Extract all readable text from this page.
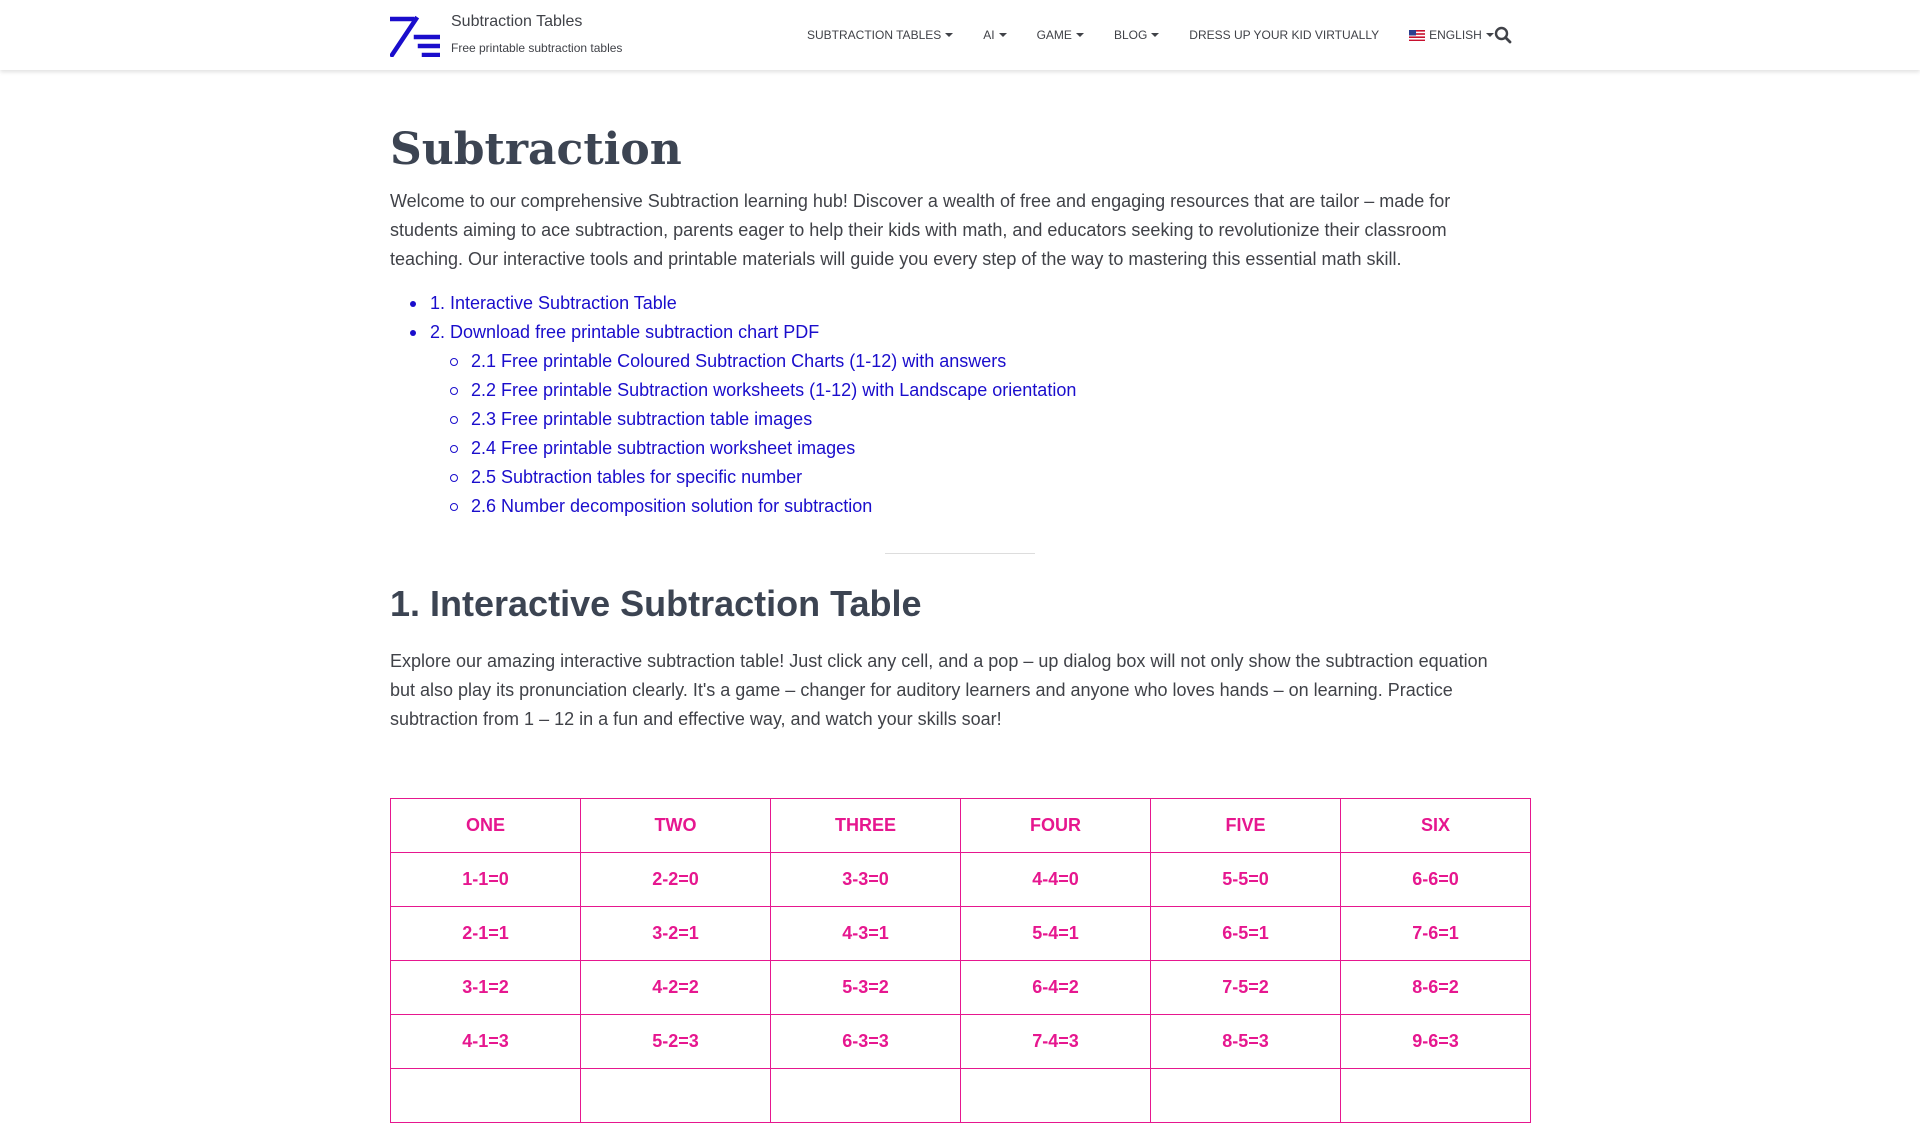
Subtraction Tables
Free printable subtraction tables
SUBTRACTION TABLES	AI	GAME	BLOG	DRESS UP YOUR KID VIRTUALLY	ENGLISH
Subtraction

Welcome to our comprehensive Subtraction learning hub! Discover a wealth of free and engaging resources that are tailor – made for students aiming to ace subtraction, parents eager to help their kids with math, and educators seeking to revolutionize their classroom teaching. Our interactive tools and printable materials will guide you every step of the way to mastering this essential math skill.

1. Interactive Subtraction Table
2. Download free printable subtraction chart PDF
2.1 Free printable Coloured Subtraction Charts (1-12) with answers
2.2 Free printable Subtraction worksheets (1-12) with Landscape orientation
2.3 Free printable subtraction table images
2.4 Free printable subtraction worksheet images
2.5 Subtraction tables for specific number
2.6 Number decomposition solution for subtraction
1. Interactive Subtraction Table

Explore our amazing interactive subtraction table! Just click any cell, and a pop – up dialog box will not only show the subtraction equation but also play its pronunciation clearly. It's a game – changer for auditory learners and anyone who loves hands – on learning. Practice subtraction from 1 – 12 in a fun and effective way, and watch your skills soar!

ONE	TWO	THREE	FOUR	FIVE	SIX
1-1=0	2-2=0	3-3=0	4-4=0	5-5=0	6-6=0
2-1=1	3-2=1	4-3=1	5-4=1	6-5=1	7-6=1
3-1=2	4-2=2	5-3=2	6-4=2	7-5=2	8-6=2
4-1=3	5-2=3	6-3=3	7-4=3	8-5=3	9-6=3
